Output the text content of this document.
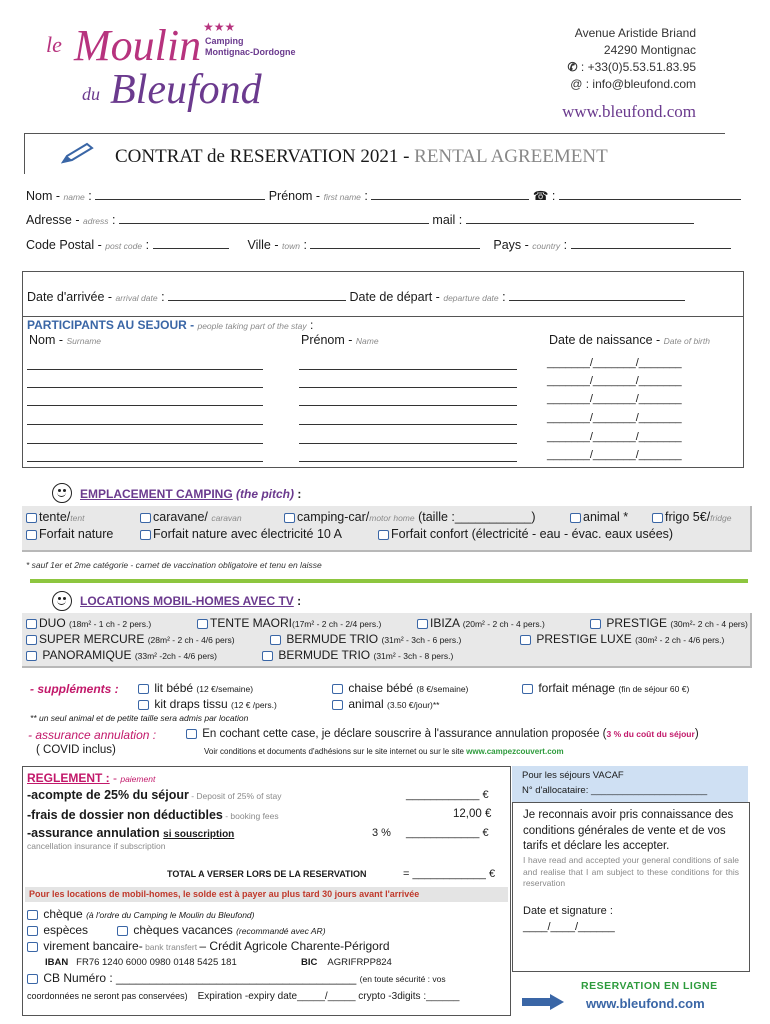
le Moulin ★★★
Camping
Montignac-Dordogne
du Bleufond
Avenue Aristide Briand
24290 Montignac
✆ : +33(0)5.53.51.83.95
@ : info@bleufond.com
www.bleufond.com
CONTRAT de RESERVATION 2021 - RENTAL AGREEMENT
Nom - name :	Prénom - first name :	☎ :
Adresse - adress :	mail :
Code Postal - post code :	Ville - town :	Pays - country :
Date d'arrivée - arrival date :	Date de départ - departure date :
PARTICIPANTS AU SEJOUR - people taking part of the stay :
Nom - Surname	Prénom - Name	Date de naissance - Date of birth
_______/_______/_______
_______/_______/_______
_______/_______/_______
_______/_______/_______
_______/_______/_______
_______/_______/_______
EMPLACEMENT CAMPING (the pitch) :
tente/tent	caravane/ caravan	camping-car/motor home (taille :___________)	animal *	frigo 5€/fridge
Forfait nature	Forfait nature avec électricité 10 A	Forfait confort (électricité - eau - évac. eaux usées)
* sauf 1er et 2me catégorie - carnet de vaccination obligatoire et tenu en laisse
LOCATIONS MOBIL-HOMES AVEC TV :
DUO (18m² - 1 ch - 2 pers.)	TENTE MAORI(17m² - 2 ch - 2/4 pers.)	IBIZA (20m² - 2 ch - 4 pers.)	PRESTIGE (30m²- 2 ch - 4 pers)
SUPER MERCURE (28m² - 2 ch - 4/6 pers)	BERMUDE TRIO (31m² - 3ch - 6 pers.)	PRESTIGE LUXE (30m² - 2 ch - 4/6 pers.)
PANORAMIQUE (33m² -2ch - 4/6 pers)	BERMUDE TRIO (31m² - 3ch - 8 pers.)
- suppléments :	lit bébé (12 €/semaine)	chaise bébé (8 €/semaine)	forfait ménage (fin de séjour 60 €)
kit draps tissu (12 € /pers.)	animal (3.50 €/jour)**
** un seul animal et de petite taille sera admis par location
- assurance annulation :
( COVID inclus)
En cochant cette case, je déclare souscrire à l'assurance annulation proposée (3 % du coût du séjour)
Voir conditions et documents d'adhésions sur le site internet ou sur le site www.campezcouvert.com
REGLEMENT : - paiement
-acompte de 25% du séjour - Deposit of 25% of stay	____________ €
-frais de dossier non déductibles - booking fees	12,00 €
-assurance annulation si souscription	3 % ____________ €
cancellation insurance if subscription
TOTAL A VERSER LORS DE LA RESERVATION	= ____________ €
Pour les locations de mobil-homes, le solde est à payer au plus tard 30 jours avant l'arrivée
chèque (à l'ordre du Camping le Moulin du Bleufond)
espèces	chèques vacances (recommandé avec AR)
virement bancaire- bank transfert – Crédit Agricole Charente-Périgord
IBAN FR76 1240 6000 0980 0148 5425 181	BIC AGRIFRPP824
CB Numéro : ____________________________________ (en toute sécurité : vos
coordonnées ne seront pas conservées) Expiration -expiry date_____/_____ crypto -3digits :______
Pour les séjours VACAF
N° d'allocataire: ______________________
Je reconnais avoir pris connaissance des
conditions générales de vente et de vos
tarifs et déclare les accepter.
I have read and accepted your general conditions of sale and realise that I am subject to these conditions for this reservation
Date et signature :
____/____/______
RESERVATION EN LIGNE
www.bleufond.com
